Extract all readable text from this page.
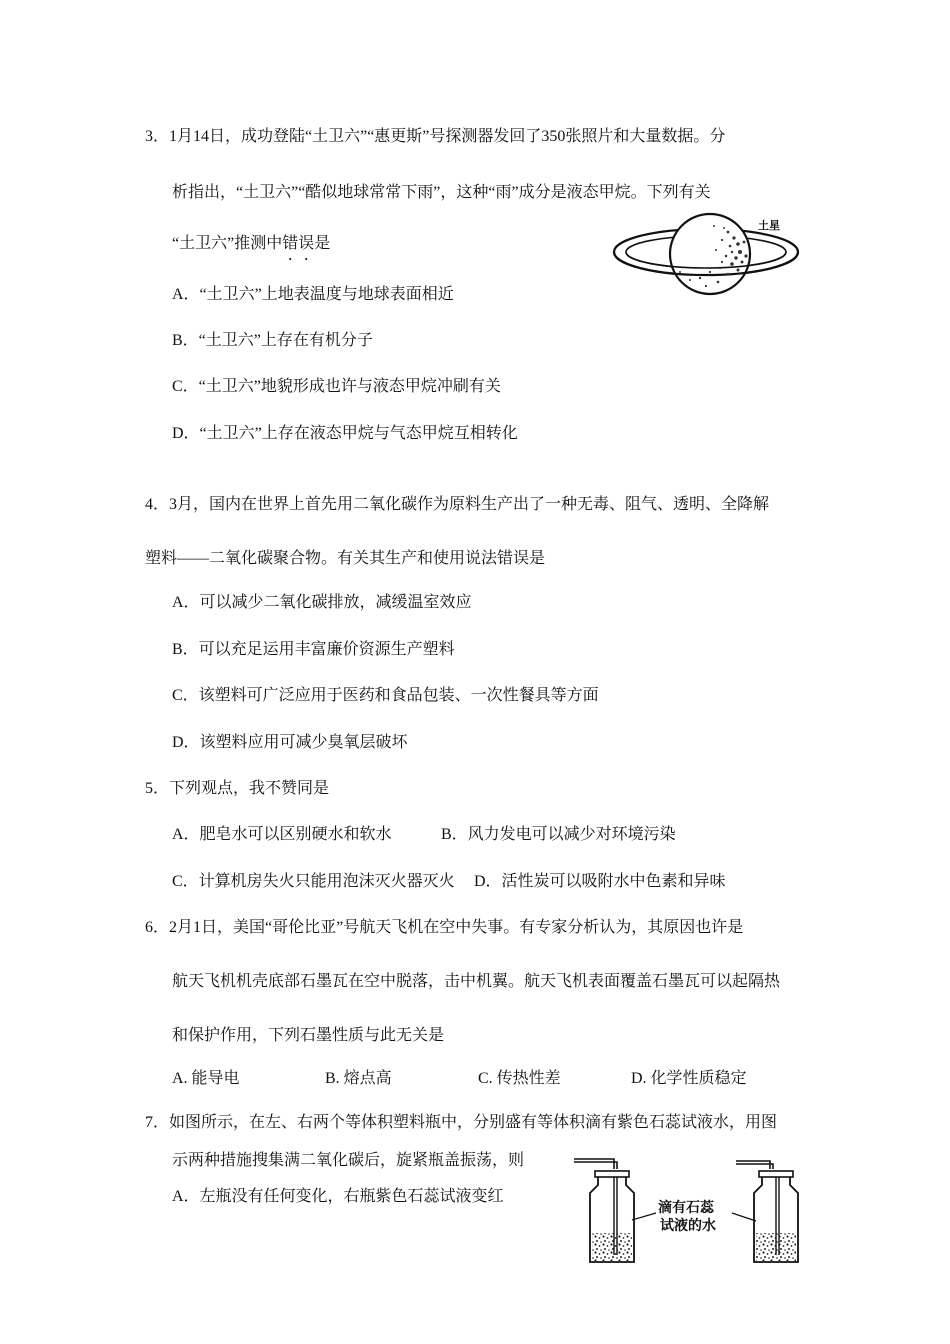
3．1月14日，成功登陆“土卫六”“惠更斯”号探测器发回了350张照片和大量数据。分
析指出，“土卫六”“酷似地球常常下雨”，这种“雨”成分是液态甲烷。下列有关
“土卫六”推测中错误是
土星
A．“土卫六”上地表温度与地球表面相近
B．“土卫六”上存在有机分子
C．“土卫六”地貌形成也许与液态甲烷冲刷有关
D．“土卫六”上存在液态甲烷与气态甲烷互相转化
4．3月，国内在世界上首先用二氧化碳作为原料生产出了一种无毒、阻气、透明、全降解
塑料——二氧化碳聚合物。有关其生产和使用说法错误是
A．可以减少二氧化碳排放，减缓温室效应
B．可以充足运用丰富廉价资源生产塑料
C．该塑料可广泛应用于医药和食品包装、一次性餐具等方面
D．该塑料应用可减少臭氧层破坏
5．下列观点，我不赞同是
A．肥皂水可以区别硬水和软水	B．风力发电可以减少对环境污染
C．计算机房失火只能用泡沫灭火器灭火 D．活性炭可以吸附水中色素和异味
6．2月1日，美国“哥伦比亚”号航天飞机在空中失事。有专家分析认为，其原因也许是
航天飞机机壳底部石墨瓦在空中脱落，击中机翼。航天飞机表面覆盖石墨瓦可以起隔热
和保护作用，下列石墨性质与此无关是
A. 能导电	B. 熔点高	C. 传热性差	D. 化学性质稳定
7．如图所示，在左、右两个等体积塑料瓶中，分别盛有等体积滴有紫色石蕊试液水，用图
示两种措施搜集满二氧化碳后，旋紧瓶盖振荡，则
A．左瓶没有任何变化，右瓶紫色石蕊试液变红
滴有石蕊
试液的水
